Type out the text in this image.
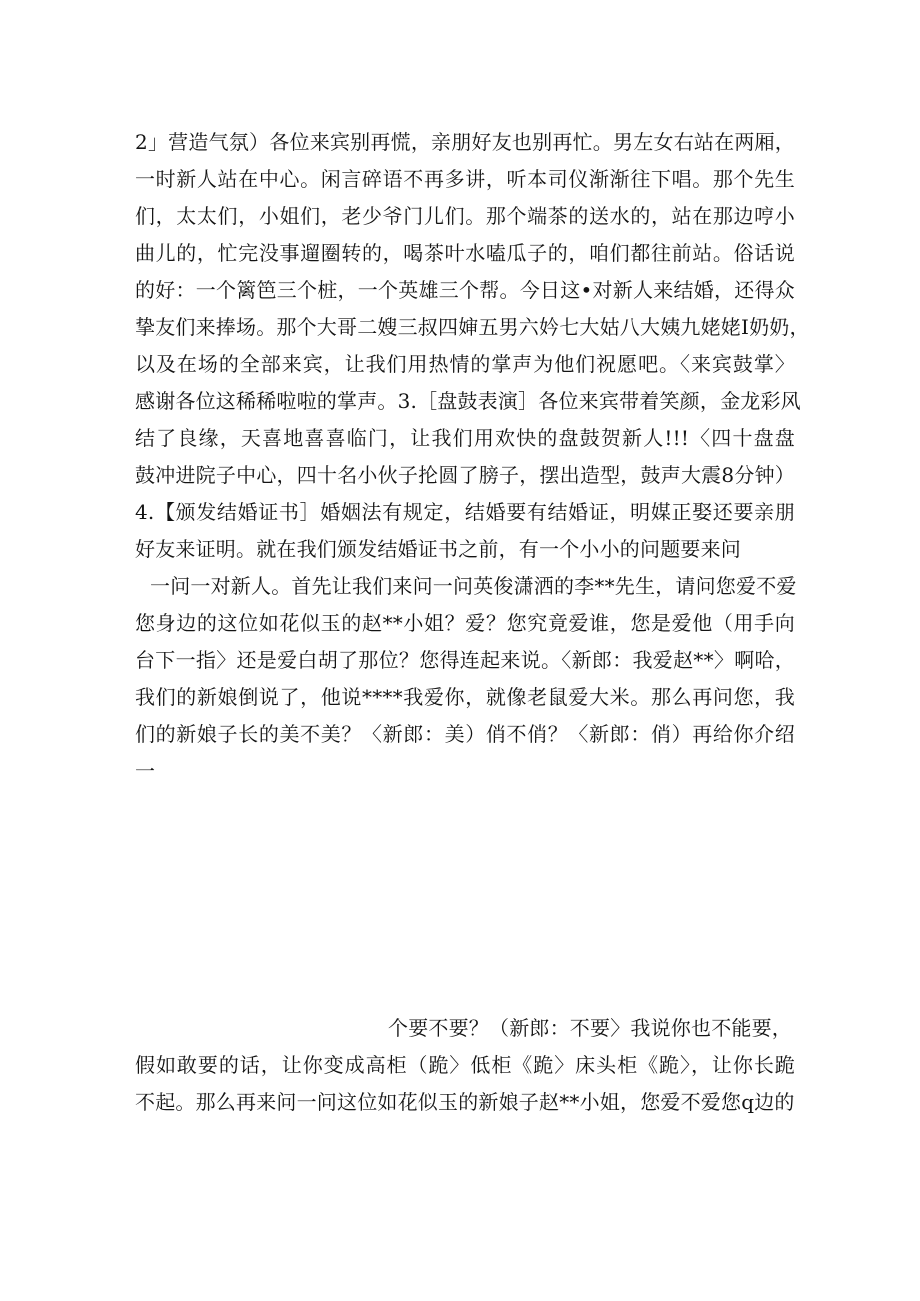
2」营造气氛）各位来宾别再慌，亲朋好友也别再忙。男左女右站在两厢，
一时新人站在中心。闲言碎语不再多讲，听本司仪渐渐往下唱。那个先生
们，太太们，小姐们，老少爷门儿们。那个端茶的送水的，站在那边哼小
曲儿的，忙完没事遛圈转的，喝茶叶水嗑瓜子的，咱们都往前站。俗话说
的好：一个篱笆三个桩，一个英雄三个帮。今日这•对新人来结婚，还得众
挚友们来捧场。那个大哥二嫂三叔四婶五男六妗七大姑八大姨九姥姥I奶奶，
以及在场的全部来宾，让我们用热情的掌声为他们祝愿吧。〈来宾鼓掌〉
感谢各位这稀稀啦啦的掌声。3.［盘鼓表演］各位来宾带着笑颜，金龙彩风
结了良缘，天喜地喜喜临门，让我们用欢快的盘鼓贺新人!!!〈四十盘盘
鼓冲进院子中心，四十名小伙子抡圆了膀子，摆出造型，鼓声大震8分钟）
4.【颁发结婚证书］婚姻法有规定，结婚要有结婚证，明媒正娶还要亲朋
好友来证明。就在我们颁发结婚证书之前，有一个小小的问题要来问
一问一对新人。首先让我们来问一问英俊潇洒的李**先生，请问您爱不爱
您身边的这位如花似玉的赵**小姐？爱？您究竟爱谁，您是爱他（用手向
台下一指〉还是爱白胡了那位？您得连起来说。〈新郎：我爱赵**〉啊哈，
我们的新娘倒说了，他说****我爱你，就像老鼠爱大米。那么再问您，我
们的新娘子长的美不美？〈新郎：美）俏不俏？〈新郎：俏）再给你介绍
一
个要不要？（新郎：不要〉我说你也不能要，
假如敢要的话，让你变成高柜（跪〉低柜《跪〉床头柜《跪〉，让你长跪
不起。那么再来问一问这位如花似玉的新娘子赵**小姐，您爱不爱您q边的
